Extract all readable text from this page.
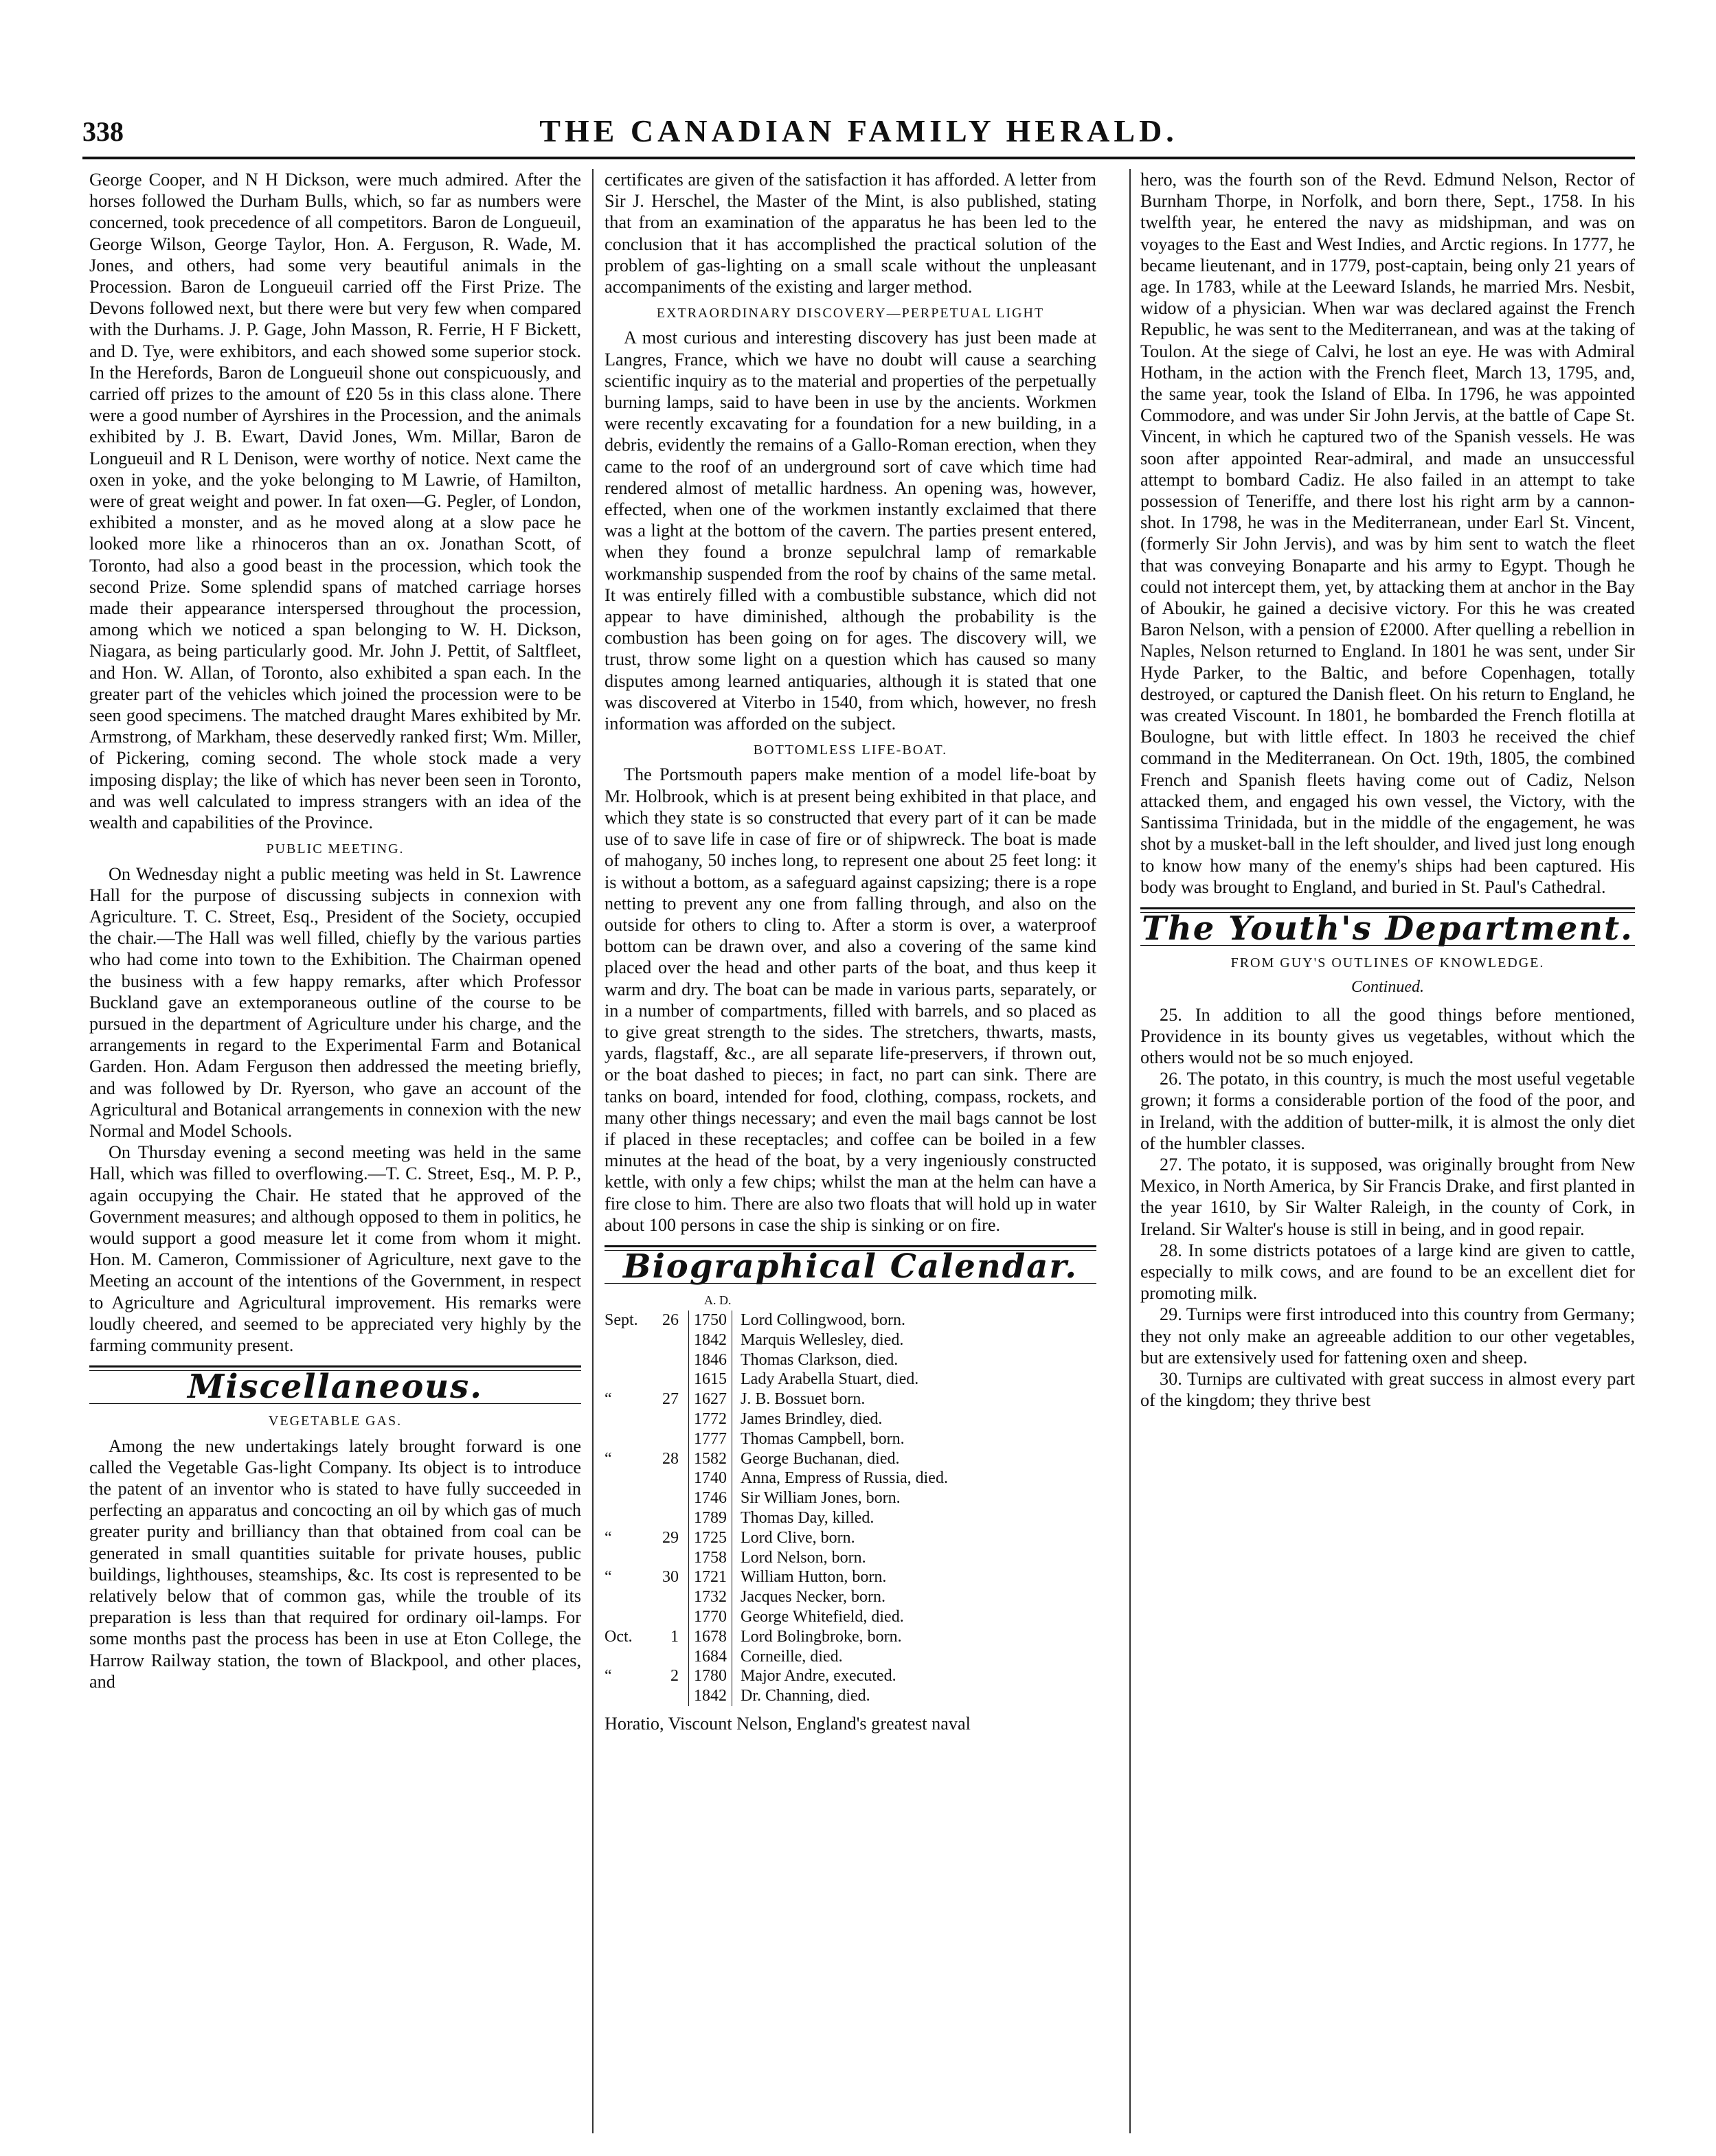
338	THE CANADIAN FAMILY HERALD.

George Cooper, and N H Dickson, were much admired. After the horses followed the Durham Bulls, which, so far as numbers were concerned, took precedence of all competitors. Baron de Longueuil, George Wilson, George Taylor, Hon. A. Ferguson, R. Wade, M. Jones, and others, had some very beautiful animals in the Procession. Baron de Longueuil carried off the First Prize. The Devons followed next, but there were but very few when compared with the Durhams. J. P. Gage, John Masson, R. Ferrie, H F Bickett, and D. Tye, were exhibitors, and each showed some superior stock. In the Herefords, Baron de Longueuil shone out conspicuously, and carried off prizes to the amount of £20 5s in this class alone. There were a good number of Ayrshires in the Procession, and the animals exhibited by J. B. Ewart, David Jones, Wm. Millar, Baron de Longueuil and R L Denison, were worthy of notice. Next came the oxen in yoke, and the yoke belonging to M Lawrie, of Hamilton, were of great weight and power. In fat oxen—G. Pegler, of London, exhibited a monster, and as he moved along at a slow pace he looked more like a rhinoceros than an ox. Jonathan Scott, of Toronto, had also a good beast in the procession, which took the second Prize. Some splendid spans of matched carriage horses made their appearance interspersed throughout the procession, among which we noticed a span belonging to W. H. Dickson, Niagara, as being particularly good. Mr. John J. Pettit, of Saltfleet, and Hon. W. Allan, of Toronto, also exhibited a span each. In the greater part of the vehicles which joined the procession were to be seen good specimens. The matched draught Mares exhibited by Mr. Armstrong, of Markham, these deservedly ranked first; Wm. Miller, of Pickering, coming second. The whole stock made a very imposing display; the like of which has never been seen in Toronto, and was well calculated to impress strangers with an idea of the wealth and capabilities of the Province.

PUBLIC MEETING.

On Wednesday night a public meeting was held in St. Lawrence Hall for the purpose of discussing subjects in connexion with Agriculture. T. C. Street, Esq., President of the Society, occupied the chair.—The Hall was well filled, chiefly by the various parties who had come into town to the Exhibition. The Chairman opened the business with a few happy remarks, after which Professor Buckland gave an extemporaneous outline of the course to be pursued in the department of Agriculture under his charge, and the arrangements in regard to the Experimental Farm and Botanical Garden. Hon. Adam Ferguson then addressed the meeting briefly, and was followed by Dr. Ryerson, who gave an account of the Agricultural and Botanical arrangements in connexion with the new Normal and Model Schools.

On Thursday evening a second meeting was held in the same Hall, which was filled to overflowing.—T. C. Street, Esq., M. P. P., again occupying the Chair. He stated that he approved of the Government measures; and although opposed to them in politics, he would support a good measure let it come from whom it might. Hon. M. Cameron, Commissioner of Agriculture, next gave to the Meeting an account of the intentions of the Government, in respect to Agriculture and Agricultural improvement. His remarks were loudly cheered, and seemed to be appreciated very highly by the farming community present.

Miscellaneous.
VEGETABLE GAS.

Among the new undertakings lately brought forward is one called the Vegetable Gas-light Company. Its object is to introduce the patent of an inventor who is stated to have fully succeeded in perfecting an apparatus and concocting an oil by which gas of much greater purity and brilliancy than that obtained from coal can be generated in small quantities suitable for private houses, public buildings, lighthouses, steamships, &c. Its cost is represented to be relatively below that of common gas, while the trouble of its preparation is less than that required for ordinary oil-lamps. For some months past the process has been in use at Eton College, the Harrow Railway station, the town of Blackpool, and other places, and

certificates are given of the satisfaction it has afforded. A letter from Sir J. Herschel, the Master of the Mint, is also published, stating that from an examination of the apparatus he has been led to the conclusion that it has accomplished the practical solution of the problem of gas-lighting on a small scale without the unpleasant accompaniments of the existing and larger method.

EXTRAORDINARY DISCOVERY—PERPETUAL LIGHT

A most curious and interesting discovery has just been made at Langres, France, which we have no doubt will cause a searching scientific inquiry as to the material and properties of the perpetually burning lamps, said to have been in use by the ancients. Workmen were recently excavating for a foundation for a new building, in a debris, evidently the remains of a Gallo-Roman erection, when they came to the roof of an underground sort of cave which time had rendered almost of metallic hardness. An opening was, however, effected, when one of the workmen instantly exclaimed that there was a light at the bottom of the cavern. The parties present entered, when they found a bronze sepulchral lamp of remarkable workmanship suspended from the roof by chains of the same metal. It was entirely filled with a combustible substance, which did not appear to have diminished, although the probability is the combustion has been going on for ages. The discovery will, we trust, throw some light on a question which has caused so many disputes among learned antiquaries, although it is stated that one was discovered at Viterbo in 1540, from which, however, no fresh information was afforded on the subject.

BOTTOMLESS LIFE-BOAT.

The Portsmouth papers make mention of a model life-boat by Mr. Holbrook, which is at present being exhibited in that place, and which they state is so constructed that every part of it can be made use of to save life in case of fire or of shipwreck. The boat is made of mahogany, 50 inches long, to represent one about 25 feet long: it is without a bottom, as a safeguard against capsizing; there is a rope netting to prevent any one from falling through, and also on the outside for others to cling to. After a storm is over, a waterproof bottom can be drawn over, and also a covering of the same kind placed over the head and other parts of the boat, and thus keep it warm and dry. The boat can be made in various parts, separately, or in a number of compartments, filled with barrels, and so placed as to give great strength to the sides. The stretchers, thwarts, masts, yards, flagstaff, &c., are all separate life-preservers, if thrown out, or the boat dashed to pieces; in fact, no part can sink. There are tanks on board, intended for food, clothing, compass, rockets, and many other things necessary; and even the mail bags cannot be lost if placed in these receptacles; and coffee can be boiled in a few minutes at the head of the boat, by a very ingeniously constructed kettle, with only a few chips; whilst the man at the helm can have a fire close to him. There are also two floats that will hold up in water about 100 persons in case the ship is sinking or on fire.

Biographical Calendar.
A. D.
Sept.	26 1750 Lord Collingwood, born.
1842 Marquis Wellesley, died.
1846 Thomas Clarkson, died.
1615 Lady Arabella Stuart, died.
“	27 1627 J. B. Bossuet born.
1772 James Brindley, died.
1777 Thomas Campbell, born.
“	28 1582 George Buchanan, died.
1740 Anna, Empress of Russia, died.
1746 Sir William Jones, born.
1789 Thomas Day, killed.
“	29 1725 Lord Clive, born.
1758 Lord Nelson, born.
“	30 1721 William Hutton, born.
1732 Jacques Necker, born.
1770 George Whitefield, died.
Oct.	1 1678 Lord Bolingbroke, born.
1684 Corneille, died.
“	2 1780 Major Andre, executed.
1842 Dr. Channing, died.

Horatio, Viscount Nelson, England's greatest naval

hero, was the fourth son of the Revd. Edmund Nelson, Rector of Burnham Thorpe, in Norfolk, and born there, Sept., 1758. In his twelfth year, he entered the navy as midshipman, and was on voyages to the East and West Indies, and Arctic regions. In 1777, he became lieutenant, and in 1779, post-captain, being only 21 years of age. In 1783, while at the Leeward Islands, he married Mrs. Nesbit, widow of a physician. When war was declared against the French Republic, he was sent to the Mediterranean, and was at the taking of Toulon. At the siege of Calvi, he lost an eye. He was with Admiral Hotham, in the action with the French fleet, March 13, 1795, and, the same year, took the Island of Elba. In 1796, he was appointed Commodore, and was under Sir John Jervis, at the battle of Cape St. Vincent, in which he captured two of the Spanish vessels. He was soon after appointed Rear-admiral, and made an unsuccessful attempt to bombard Cadiz. He also failed in an attempt to take possession of Teneriffe, and there lost his right arm by a cannon-shot. In 1798, he was in the Mediterranean, under Earl St. Vincent, (formerly Sir John Jervis), and was by him sent to watch the fleet that was conveying Bonaparte and his army to Egypt. Though he could not intercept them, yet, by attacking them at anchor in the Bay of Aboukir, he gained a decisive victory. For this he was created Baron Nelson, with a pension of £2000. After quelling a rebellion in Naples, Nelson returned to England. In 1801 he was sent, under Sir Hyde Parker, to the Baltic, and before Copenhagen, totally destroyed, or captured the Danish fleet. On his return to England, he was created Viscount. In 1801, he bombarded the French flotilla at Boulogne, but with little effect. In 1803 he received the chief command in the Mediterranean. On Oct. 19th, 1805, the combined French and Spanish fleets having come out of Cadiz, Nelson attacked them, and engaged his own vessel, the Victory, with the Santissima Trinidada, but in the middle of the engagement, he was shot by a musket-ball in the left shoulder, and lived just long enough to know how many of the enemy's ships had been captured. His body was brought to England, and buried in St. Paul's Cathedral.

The Youth's Department.
FROM GUY'S OUTLINES OF KNOWLEDGE.
Continued.

25. In addition to all the good things before mentioned, Providence in its bounty gives us vegetables, without which the others would not be so much enjoyed.

26. The potato, in this country, is much the most useful vegetable grown; it forms a considerable portion of the food of the poor, and in Ireland, with the addition of butter-milk, it is almost the only diet of the humbler classes.

27. The potato, it is supposed, was originally brought from New Mexico, in North America, by Sir Francis Drake, and first planted in the year 1610, by Sir Walter Raleigh, in the county of Cork, in Ireland. Sir Walter's house is still in being, and in good repair.

28. In some districts potatoes of a large kind are given to cattle, especially to milk cows, and are found to be an excellent diet for promoting milk.

29. Turnips were first introduced into this country from Germany; they not only make an agreeable addition to our other vegetables, but are extensively used for fattening oxen and sheep.

30. Turnips are cultivated with great success in almost every part of the kingdom; they thrive best
